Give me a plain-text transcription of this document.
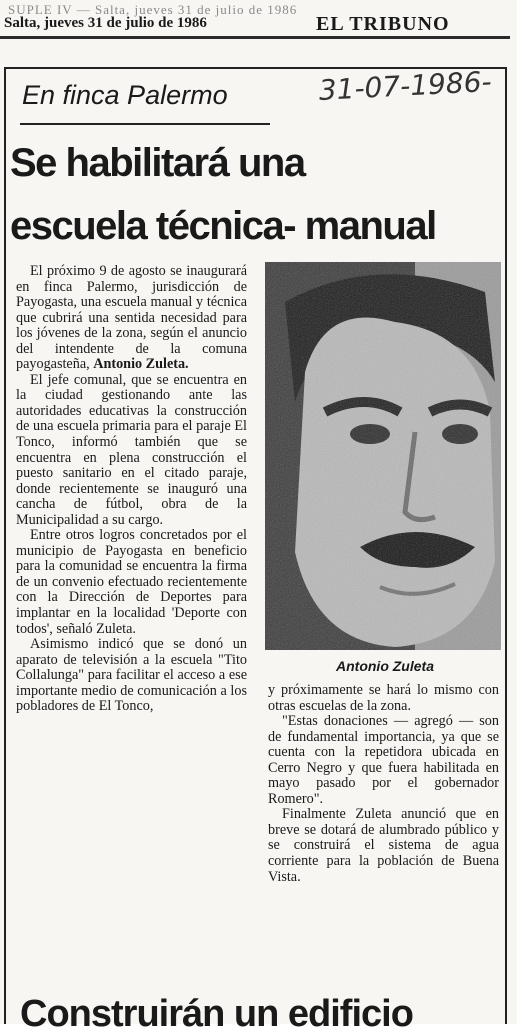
SUPLE IV — Salta, jueves 31 de julio de 1986
Salta, jueves 31 de julio de 1986	EL TRIBUNO
En finca Palermo	31-07-1986-
Se habilitará una
escuela técnica- manual

El próximo 9 de agosto se inaugurará en finca Palermo, jurisdicción de Payogasta, una escuela manual y técnica que cubrirá una sentida necesidad para los jóvenes de la zona, según el anuncio del intendente de la comuna payogasteña, Antonio Zuleta.

El jefe comunal, que se encuentra en la ciudad gestionando ante las autoridades educativas la construcción de una escuela primaria para el paraje El Tonco, informó también que se encuentra en plena construcción el puesto sanitario en el citado paraje, donde recientemente se inauguró una cancha de fútbol, obra de la Municipalidad a su cargo.

Entre otros logros concretados por el municipio de Payogasta en beneficio para la comunidad se encuentra la firma de un convenio efectuado recientemente con la Dirección de Deportes para implantar en la localidad 'Deporte con todos', señaló Zuleta.

Asimismo indicó que se donó un aparato de televisión a la escuela "Tito Collalunga" para facilitar el acceso a ese importante medio de comunicación a los pobladores de El Tonco,

Antonio Zuleta

y próximamente se hará lo mismo con otras escuelas de la zona.

"Estas donaciones — agregó — son de fundamental importancia, ya que se cuenta con la repetidora ubicada en Cerro Negro y que fuera habilitada en mayo pasado por el gobernador Romero".

Finalmente Zuleta anunció que en breve se dotará de alumbrado público y se construirá el sistema de agua corriente para la población de Buena Vista.

Construirán un edificio
